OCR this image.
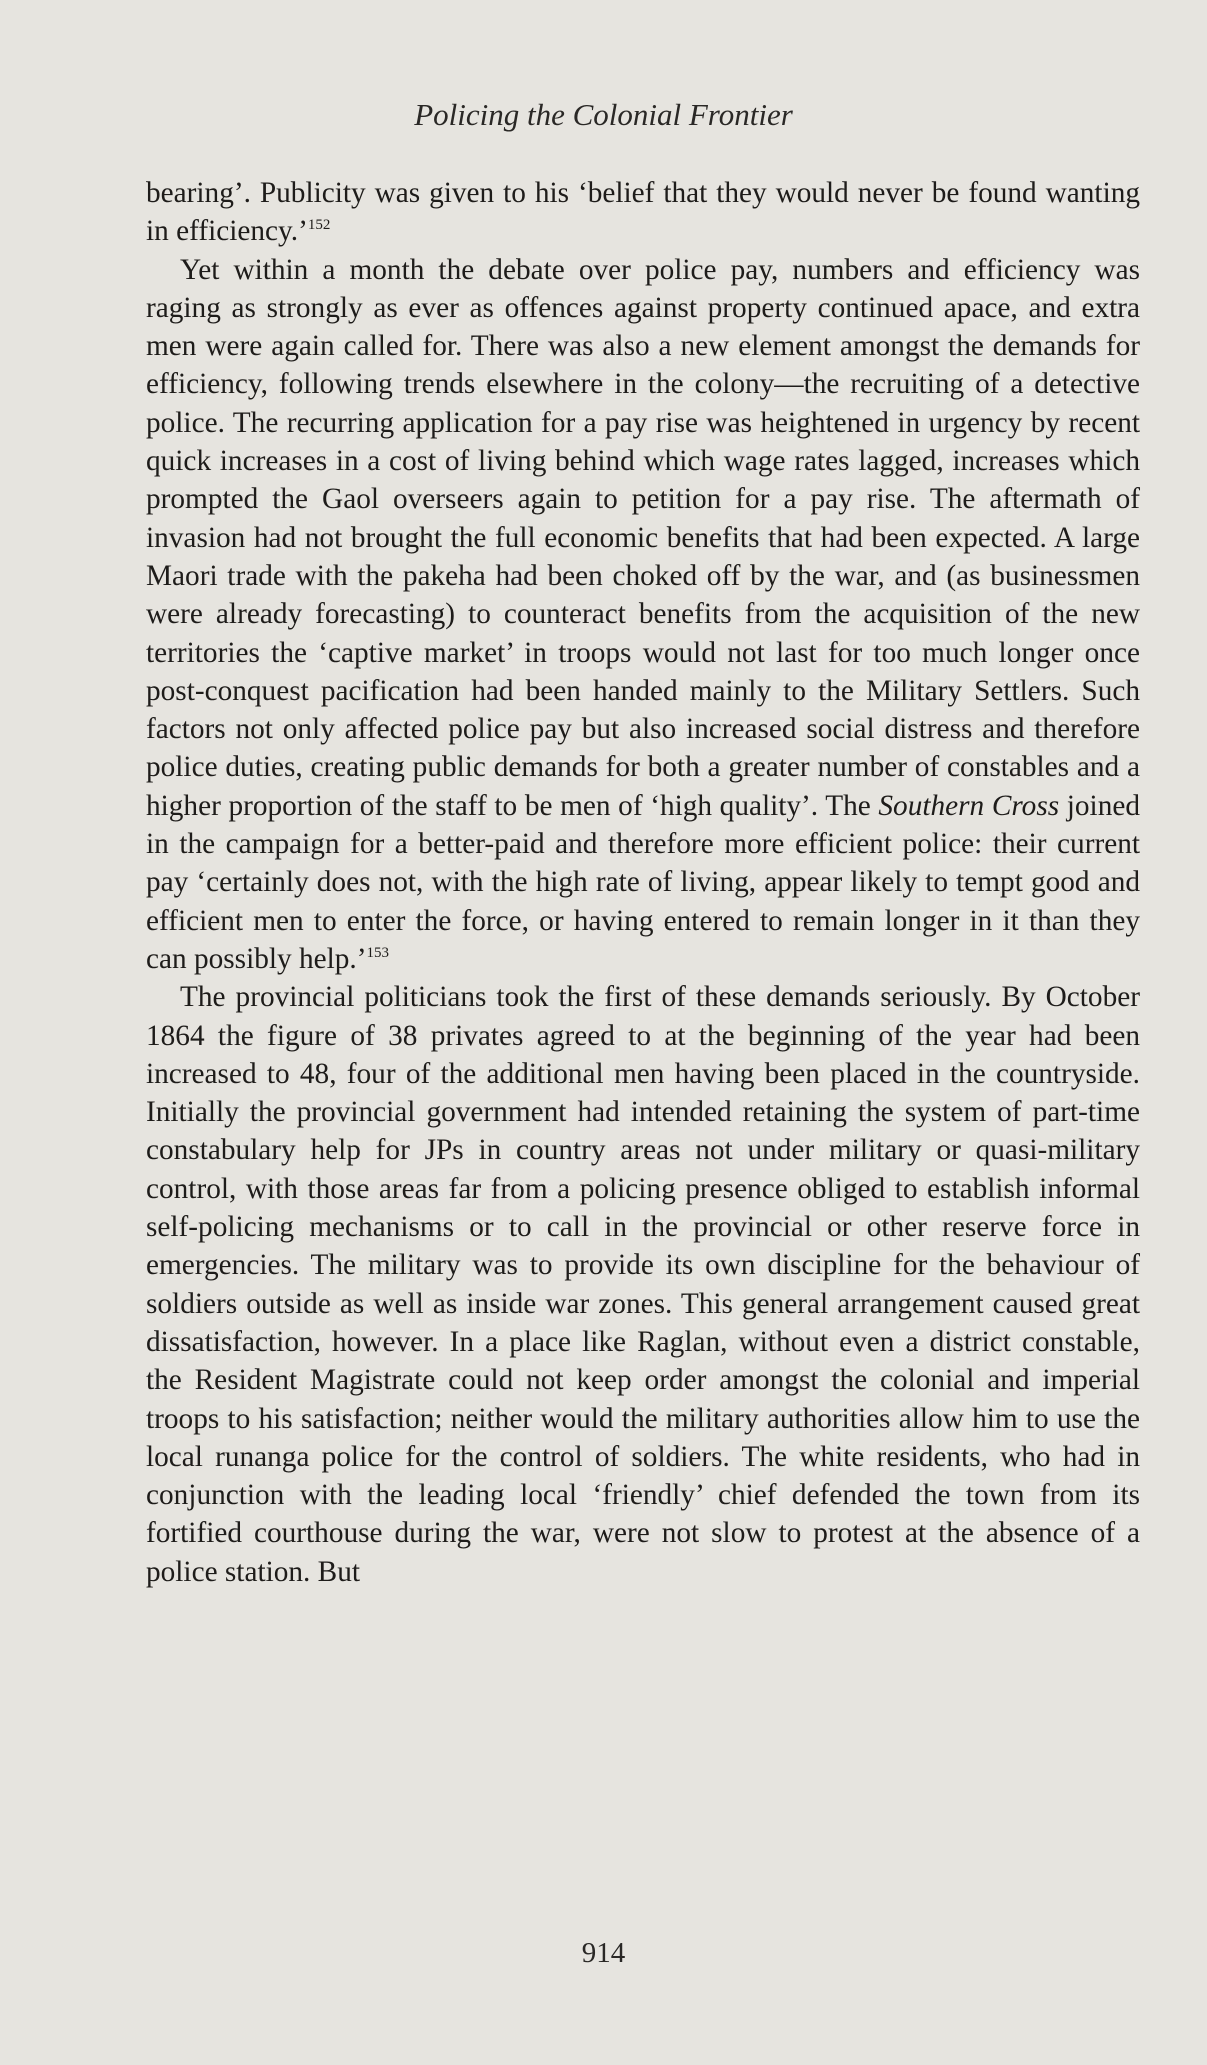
Policing the Colonial Frontier

bearing’. Publicity was given to his ‘belief that they would never be found wanting in efficiency.’$^{152}$

Yet within a month the debate over police pay, numbers and efficiency was raging as strongly as ever as offences against property continued apace, and extra men were again called for. There was also a new element amongst the demands for efficiency, following trends elsewhere in the colony—the recruiting of a detective police. The recurring application for a pay rise was heightened in urgency by recent quick increases in a cost of living behind which wage rates lagged, increases which prompted the Gaol overseers again to petition for a pay rise. The aftermath of invasion had not brought the full economic benefits that had been expected. A large Maori trade with the pakeha had been choked off by the war, and (as businessmen were already forecasting) to counteract benefits from the acquisition of the new territories the ‘captive market’ in troops would not last for too much longer once post-conquest pacification had been handed mainly to the Military Settlers. Such factors not only affected police pay but also increased social distress and therefore police duties, creating public demands for both a greater number of constables and a higher proportion of the staff to be men of ‘high quality’. The Southern Cross joined in the campaign for a better-paid and therefore more efficient police: their current pay ‘certainly does not, with the high rate of living, appear likely to tempt good and efficient men to enter the force, or having entered to remain longer in it than they can possibly help.’$^{153}$

The provincial politicians took the first of these demands seriously. By October 1864 the figure of 38 privates agreed to at the beginning of the year had been increased to 48, four of the additional men having been placed in the countryside. Initially the provincial government had intended retaining the system of part-time constabulary help for JPs in country areas not under military or quasi-military control, with those areas far from a policing presence obliged to establish informal self-policing mechanisms or to call in the provincial or other reserve force in emergencies. The military was to provide its own discipline for the behaviour of soldiers outside as well as inside war zones. This general arrangement caused great dissatisfaction, however. In a place like Raglan, without even a district constable, the Resident Magistrate could not keep order amongst the colonial and imperial troops to his satisfaction; neither would the military authorities allow him to use the local runanga police for the control of soldiers. The white residents, who had in conjunction with the leading local ‘friendly’ chief defended the town from its fortified courthouse during the war, were not slow to protest at the absence of a police station. But

914
